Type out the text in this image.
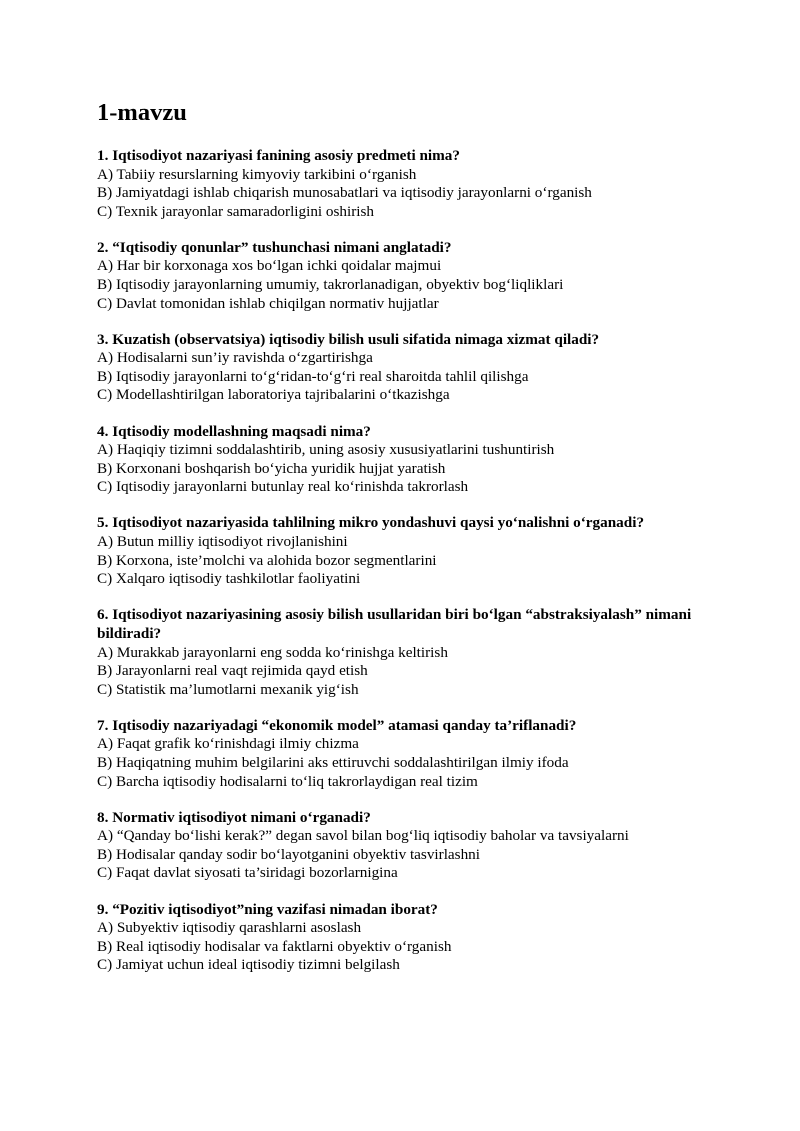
1-mavzu

1. Iqtisodiyot nazariyasi fanining asosiy predmeti nima?

A) Tabiiy resurslarning kimyoviy tarkibini o‘rganish
B) Jamiyatdagi ishlab chiqarish munosabatlari va iqtisodiy jarayonlarni o‘rganish
C) Texnik jarayonlar samaradorligini oshirish

2. “Iqtisodiy qonunlar” tushunchasi nimani anglatadi?

A) Har bir korxonaga xos bo‘lgan ichki qoidalar majmui
B) Iqtisodiy jarayonlarning umumiy, takrorlanadigan, obyektiv bog‘liqliklari
C) Davlat tomonidan ishlab chiqilgan normativ hujjatlar

3. Kuzatish (observatsiya) iqtisodiy bilish usuli sifatida nimaga xizmat qiladi?

A) Hodisalarni sun’iy ravishda o‘zgartirishga
B) Iqtisodiy jarayonlarni to‘g‘ridan-to‘g‘ri real sharoitda tahlil qilishga
C) Modellashtirilgan laboratoriya tajribalarini o‘tkazishga

4. Iqtisodiy modellashning maqsadi nima?

A) Haqiqiy tizimni soddalashtirib, uning asosiy xususiyatlarini tushuntirish
B) Korxonani boshqarish bo‘yicha yuridik hujjat yaratish
C) Iqtisodiy jarayonlarni butunlay real ko‘rinishda takrorlash

5. Iqtisodiyot nazariyasida tahlilning mikro yondashuvi qaysi yo‘nalishni o‘rganadi?

A) Butun milliy iqtisodiyot rivojlanishini
B) Korxona, iste’molchi va alohida bozor segmentlarini
C) Xalqaro iqtisodiy tashkilotlar faoliyatini

6. Iqtisodiyot nazariyasining asosiy bilish usullaridan biri bo‘lgan “abstraksiyalash” nimani bildiradi?

A) Murakkab jarayonlarni eng sodda ko‘rinishga keltirish
B) Jarayonlarni real vaqt rejimida qayd etish
C) Statistik ma’lumotlarni mexanik yig‘ish

7. Iqtisodiy nazariyadagi “ekonomik model” atamasi qanday ta’riflanadi?

A) Faqat grafik ko‘rinishdagi ilmiy chizma
B) Haqiqatning muhim belgilarini aks ettiruvchi soddalashtirilgan ilmiy ifoda
C) Barcha iqtisodiy hodisalarni to‘liq takrorlaydigan real tizim

8. Normativ iqtisodiyot nimani o‘rganadi?

A) “Qanday bo‘lishi kerak?” degan savol bilan bog‘liq iqtisodiy baholar va tavsiyalarni
B) Hodisalar qanday sodir bo‘layotganini obyektiv tasvirlashni
C) Faqat davlat siyosati ta’siridagi bozorlarnigina

9. “Pozitiv iqtisodiyot”ning vazifasi nimadan iborat?

A) Subyektiv iqtisodiy qarashlarni asoslash
B) Real iqtisodiy hodisalar va faktlarni obyektiv o‘rganish
C) Jamiyat uchun ideal iqtisodiy tizimni belgilash
